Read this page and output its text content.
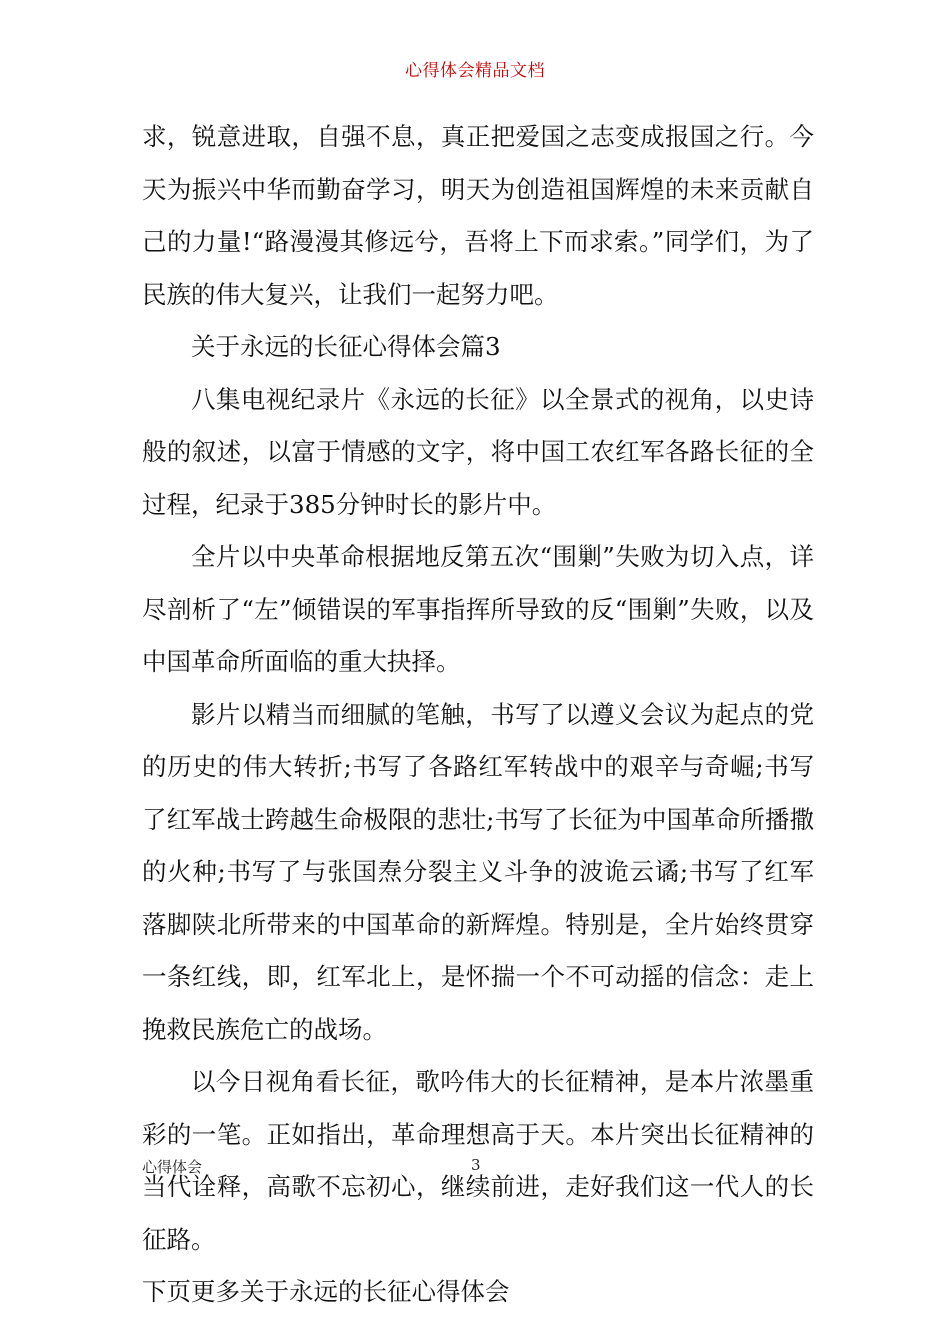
心得体会精品文档

求，锐意进取，自强不息，真正把爱国之志变成报国之行。今天为振兴中华而勤奋学习，明天为创造祖国辉煌的未来贡献自己的力量!“路漫漫其修远兮，吾将上下而求索。”同学们，为了民族的伟大复兴，让我们一起努力吧。

关于永远的长征心得体会篇3

八集电视纪录片《永远的长征》以全景式的视角，以史诗般的叙述，以富于情感的文字，将中国工农红军各路长征的全过程，纪录于385分钟时长的影片中。

全片以中央革命根据地反第五次“围剿”失败为切入点，详尽剖析了“左”倾错误的军事指挥所导致的反“围剿”失败，以及中国革命所面临的重大抉择。

影片以精当而细腻的笔触，书写了以遵义会议为起点的党的历史的伟大转折;书写了各路红军转战中的艰辛与奇崛;书写了红军战士跨越生命极限的悲壮;书写了长征为中国革命所播撒的火种;书写了与张国焘分裂主义斗争的波诡云谲;书写了红军落脚陕北所带来的中国革命的新辉煌。特别是，全片始终贯穿一条红线，即，红军北上，是怀揣一个不可动摇的信念：走上挽救民族危亡的战场。

以今日视角看长征，歌吟伟大的长征精神，是本片浓墨重彩的一笔。正如指出，革命理想高于天。本片突出长征精神的当代诠释，高歌不忘初心，继续前进，走好我们这一代人的长征路。

下页更多关于永远的长征心得体会

心得体会	3
